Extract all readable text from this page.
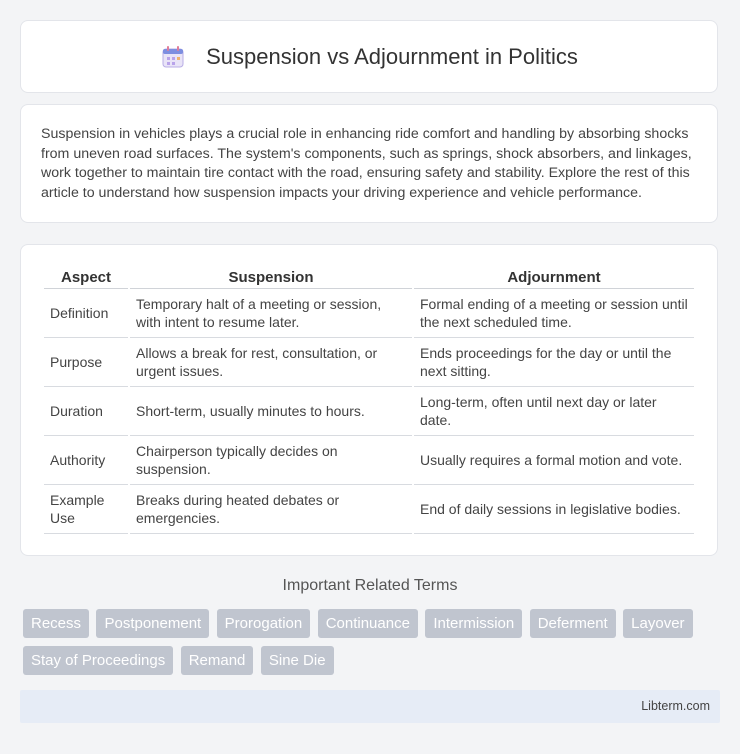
Suspension vs Adjournment in Politics

Suspension in vehicles plays a crucial role in enhancing ride comfort and handling by absorbing shocks from uneven road surfaces. The system's components, such as springs, shock absorbers, and linkages, work together to maintain tire contact with the road, ensuring safety and stability. Explore the rest of this article to understand how suspension impacts your driving experience and vehicle performance.

Aspect	Suspension	Adjournment
Definition	Temporary halt of a meeting or session, with intent to resume later.	Formal ending of a meeting or session until the next scheduled time.
Purpose	Allows a break for rest, consultation, or urgent issues.	Ends proceedings for the day or until the next sitting.
Duration	Short-term, usually minutes to hours.	Long-term, often until next day or later date.
Authority	Chairperson typically decides on suspension.	Usually requires a formal motion and vote.
Example Use	Breaks during heated debates or emergencies.	End of daily sessions in legislative bodies.
Important Related Terms
Recess Postponement Prorogation Continuance Intermission Deferment Layover Stay of Proceedings Remand Sine Die
Libterm.com
